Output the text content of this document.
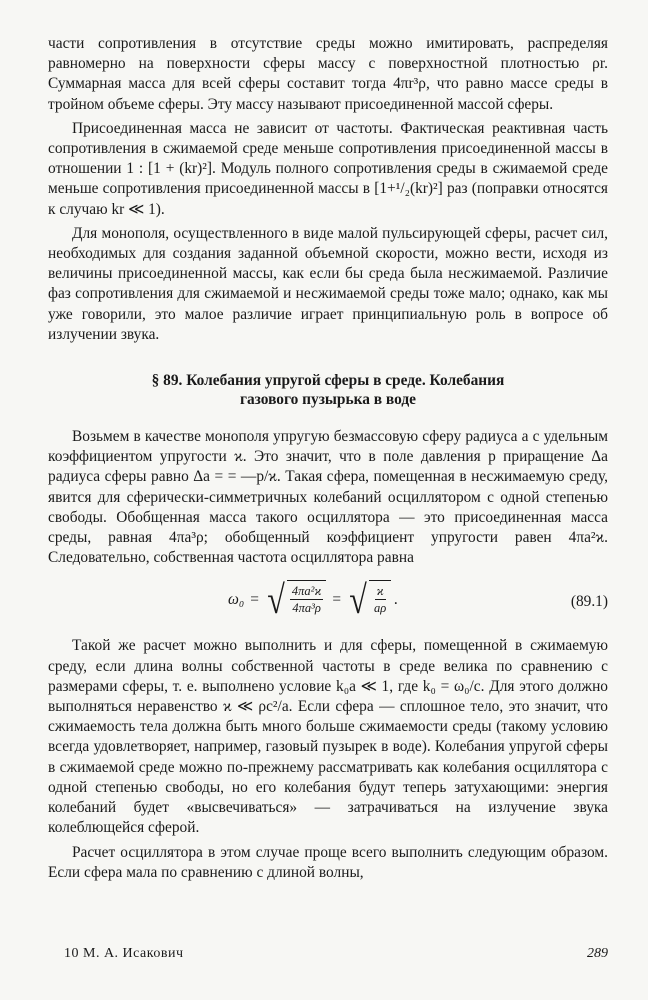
части сопротивления в отсутствие среды можно имитировать, распределяя равномерно на поверхности сферы массу с поверхностной плотностью ρr. Суммарная масса для всей сферы составит тогда 4πr³ρ, что равно массе среды в тройном объеме сферы. Эту массу называют присоединенной массой сферы.

Присоединенная масса не зависит от частоты. Фактическая реактивная часть сопротивления в сжимаемой среде меньше сопротивления присоединенной массы в отношении 1 : [1 + (kr)²]. Модуль полного сопротивления среды в сжимаемой среде меньше сопротивления присоединенной массы в [1+¹/₂(kr)²] раз (поправки относятся к случаю kr ≪ 1).

Для монополя, осуществленного в виде малой пульсирующей сферы, расчет сил, необходимых для создания заданной объемной скорости, можно вести, исходя из величины присоединенной массы, как если бы среда была несжимаемой. Различие фаз сопротивления для сжимаемой и несжимаемой среды тоже мало; однако, как мы уже говорили, это малое различие играет принципиальную роль в вопросе об излучении звука.

§ 89. Колебания упругой сферы в среде. Колебания
газового пузырька в воде

Возьмем в качестве монополя упругую безмассовую сферу радиуса a с удельным коэффициентом упругости ϰ. Это значит, что в поле давления p приращение Δa радиуса сферы равно Δa = = —p/ϰ. Такая сфера, помещенная в несжимаемую среду, явится для сферически-симметричных колебаний осциллятором с одной степенью свободы. Обобщенная масса такого осциллятора — это присоединенная масса среды, равная 4πa³ρ; обобщенный коэффициент упругости равен 4πa²ϰ. Следовательно, собственная частота осциллятора равна

ω₀ = √ $\frac{\text{4πa²ϰ}}{\text{4πa³ρ}}$ = √ $\frac{ϰ}{a\rho}$ .	(89.1)

Такой же расчет можно выполнить и для сферы, помещенной в сжимаемую среду, если длина волны собственной частоты в среде велика по сравнению с размерами сферы, т. е. выполнено условие k₀a ≪ 1, где k₀ = ω₀/c. Для этого должно выполняться неравенство ϰ ≪ ρc²/a. Если сфера — сплошное тело, это значит, что сжимаемость тела должна быть много больше сжимаемости среды (такому условию всегда удовлетворяет, например, газовый пузырек в воде). Колебания упругой сферы в сжимаемой среде можно по-прежнему рассматривать как колебания осциллятора с одной степенью свободы, но его колебания будут теперь затухающими: энергия колебаний будет «высвечиваться» — затрачиваться на излучение звука колеблющейся сферой.

Расчет осциллятора в этом случае проще всего выполнить следующим образом. Если сфера мала по сравнению с длиной волны,

10 М. А. Исакович	289
